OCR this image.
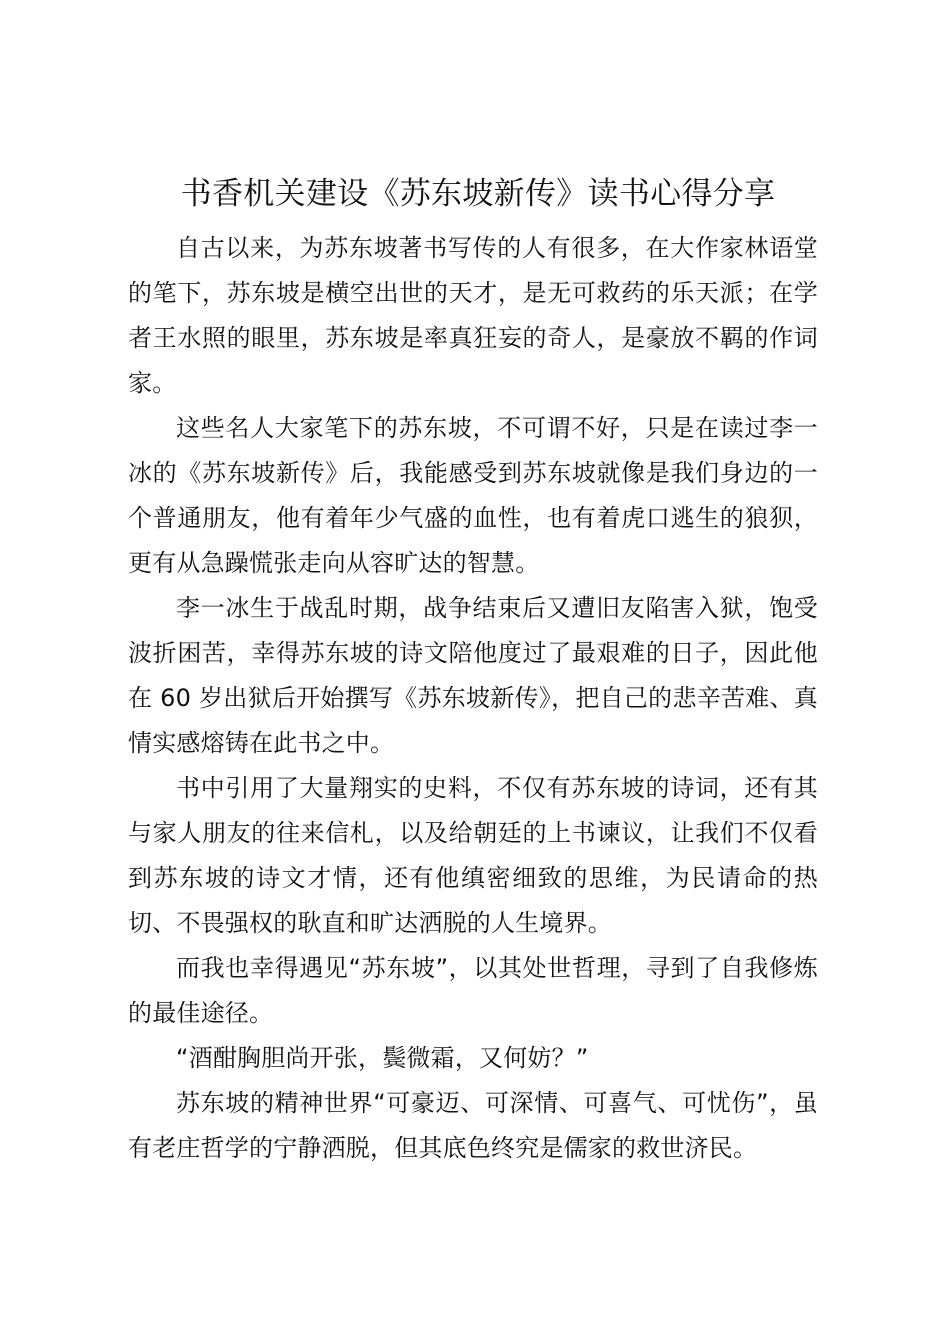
书香机关建设《苏东坡新传》读书心得分享

自古以来，为苏东坡著书写传的人有很多，在大作家林语堂的笔下，苏东坡是横空出世的天才，是无可救药的乐天派；在学者王水照的眼里，苏东坡是率真狂妄的奇人，是豪放不羁的作词家。

这些名人大家笔下的苏东坡，不可谓不好，只是在读过李一冰的《苏东坡新传》后，我能感受到苏东坡就像是我们身边的一个普通朋友，他有着年少气盛的血性，也有着虎口逃生的狼狈，更有从急躁慌张走向从容旷达的智慧。

李一冰生于战乱时期，战争结束后又遭旧友陷害入狱，饱受波折困苦，幸得苏东坡的诗文陪他度过了最艰难的日子，因此他在 60 岁出狱后开始撰写《苏东坡新传》，把自己的悲辛苦难、真情实感熔铸在此书之中。

书中引用了大量翔实的史料，不仅有苏东坡的诗词，还有其与家人朋友的往来信札，以及给朝廷的上书谏议，让我们不仅看到苏东坡的诗文才情，还有他缜密细致的思维，为民请命的热切、不畏强权的耿直和旷达洒脱的人生境界。

而我也幸得遇见“苏东坡”，以其处世哲理，寻到了自我修炼的最佳途径。

“酒酣胸胆尚开张，鬓微霜，又何妨？”

苏东坡的精神世界“可豪迈、可深情、可喜气、可忧伤”，虽有老庄哲学的宁静洒脱，但其底色终究是儒家的救世济民。
